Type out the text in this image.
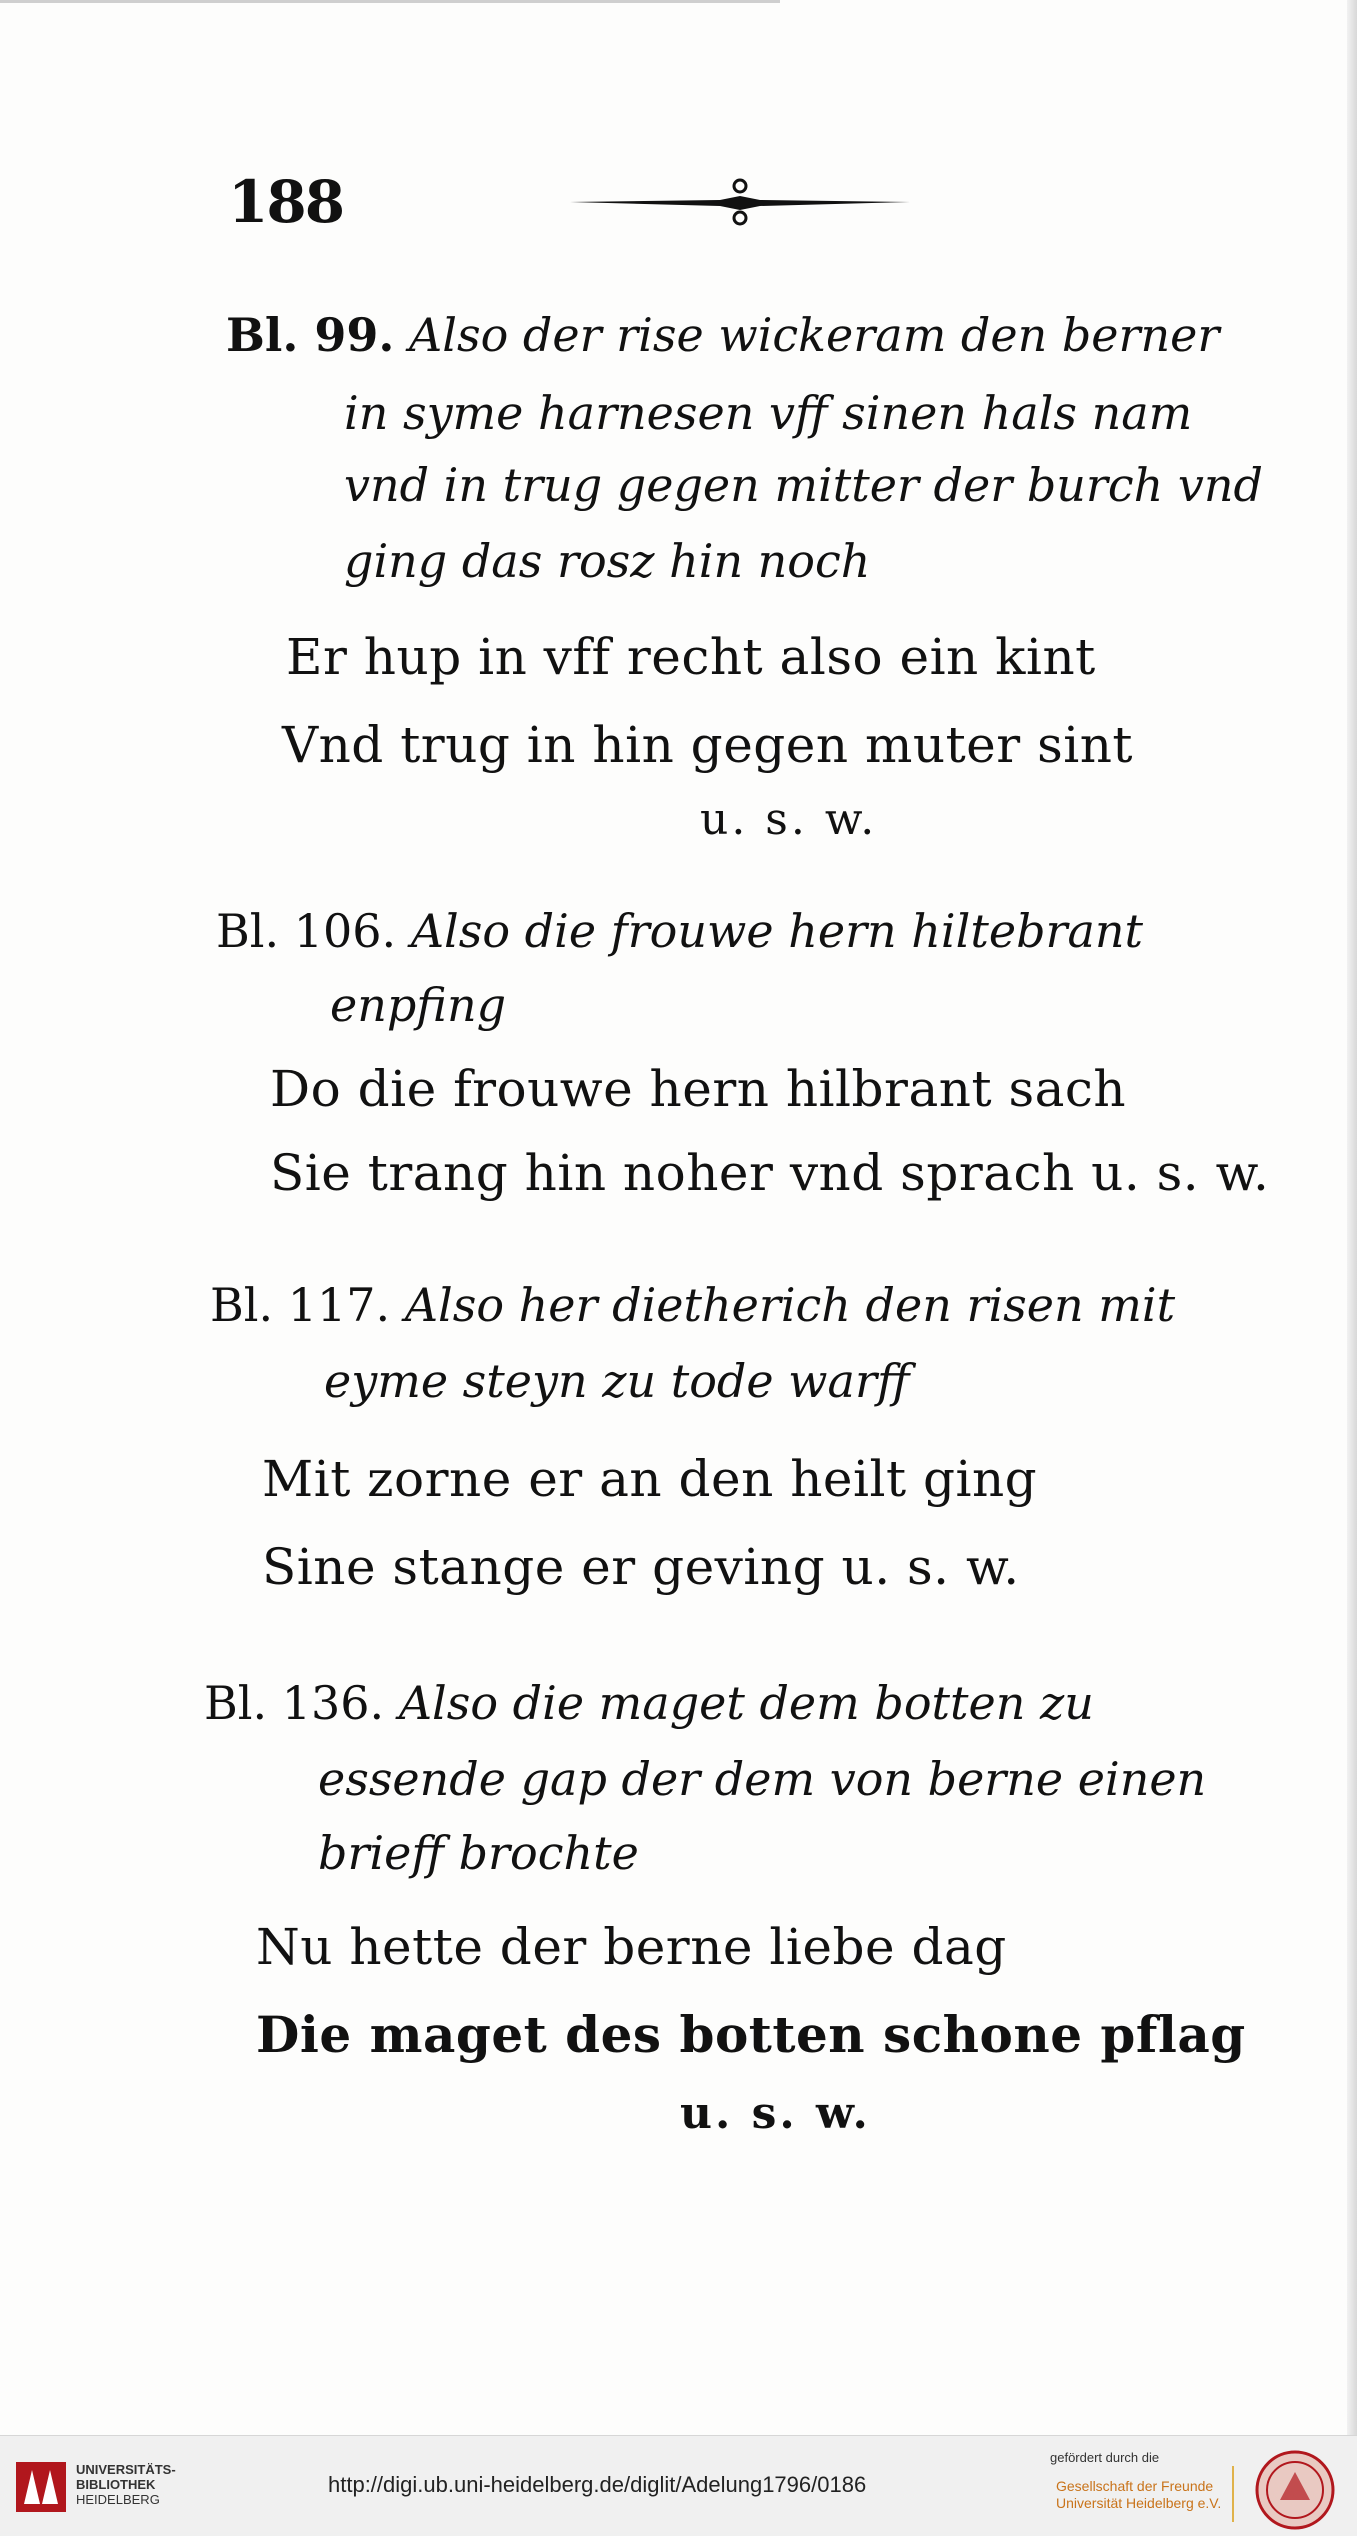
188
Bl. 99. Also der rise wickeram den berner
in syme harnesen vff sinen hals nam
vnd in trug gegen mitter der burch vnd
ging das rosz hin noch
Er hup in vff recht also ein kint
Vnd trug in hin gegen muter sint
u. s. w.
Bl. 106. Also die frouwe hern hiltebrant
enpfing
Do die frouwe hern hilbrant sach
Sie trang hin noher vnd sprach u. s. w.
Bl. 117. Also her dietherich den risen mit
eyme steyn zu tode warff
Mit zorne er an den heilt ging
Sine stange er geving u. s. w.
Bl. 136. Also die maget dem botten zu
essende gap der dem von berne einen
brieff brochte
Nu hette der berne liebe dag
Die maget des botten schone pflag
u. s. w.
UNIVERSITÄTS-
BIBLIOTHEK
HEIDELBERG
http://digi.ub.uni-heidelberg.de/diglit/Adelung1796/0186
gefördert durch die
Gesellschaft der Freunde
Universität Heidelberg e.V.
